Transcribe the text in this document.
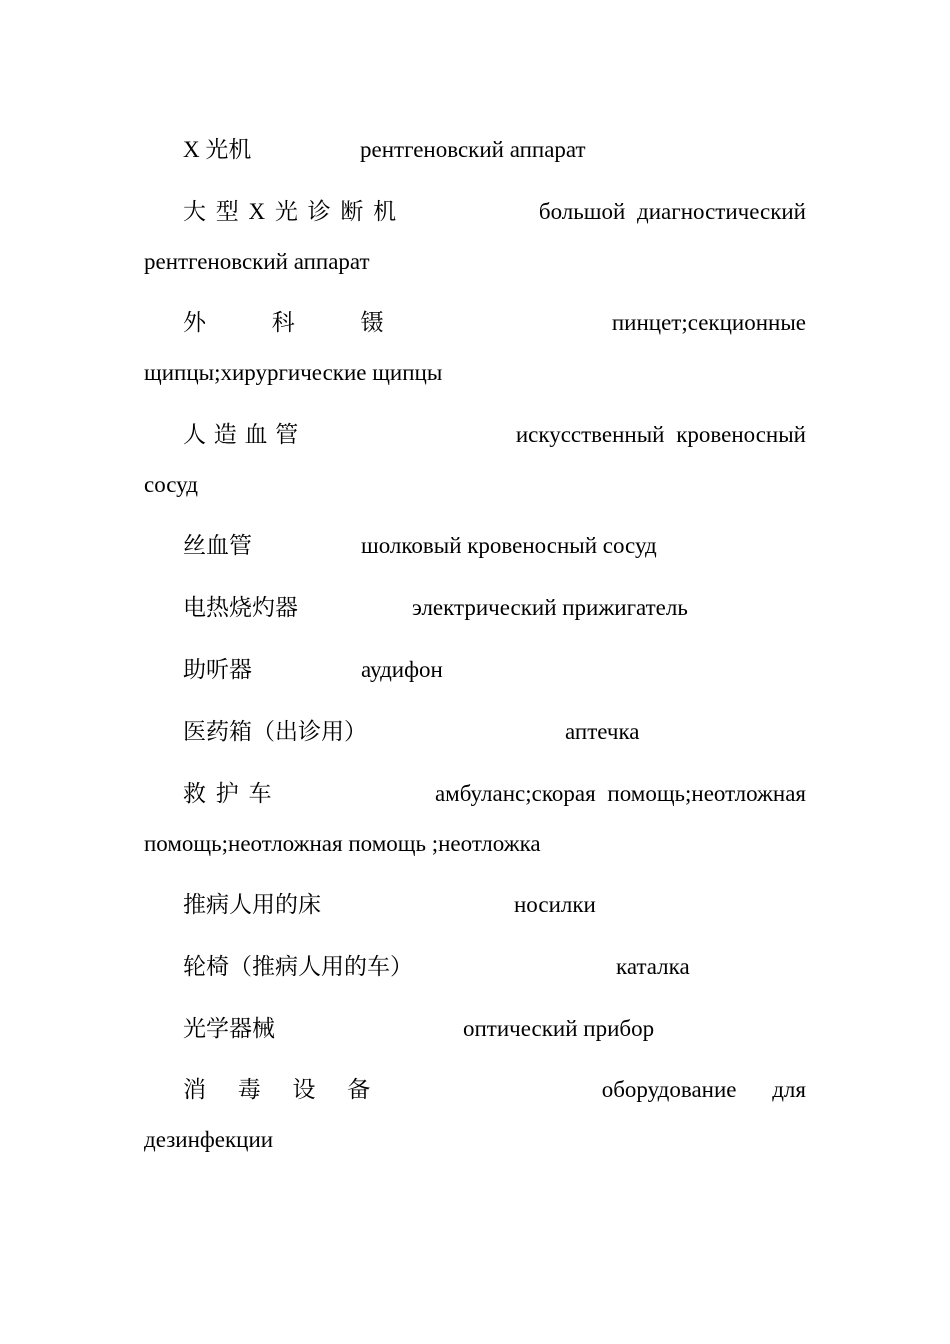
X 光机	рентгеновский аппарат
大 型 X 光 诊 断 机	большой диагностический
рентгеновский аппарат
外 科 镊	пинцет;секционные
щипцы;хирургические щипцы
人 造 血 管	искусственный кровеносный
сосуд
丝血管	шолковый кровеносный сосуд
电热烧灼器	электрический прижигатель
助听器	аудифон
医药箱（出诊用）	аптечка
救 护 车	амбуланс;скорая помощь;неотложная
помощь;неотложная помощь ;неотложка
推病人用的床	носилки
轮椅（推病人用的车）	каталка
光学器械	оптический прибор
消 毒 设 备	оборудование для
дезинфекции
